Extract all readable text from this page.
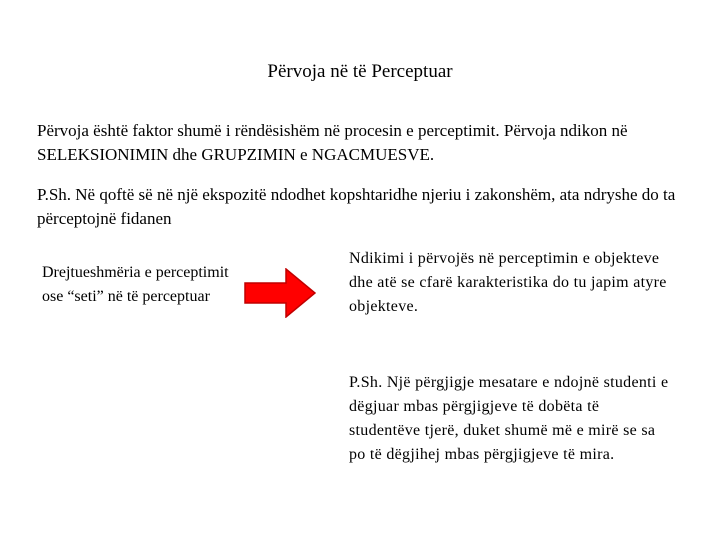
Përvoja në të Perceptuar

Përvoja është faktor shumë i rëndësishëm në procesin e perceptimit. Përvoja ndikon në SELEKSIONIMIN dhe GRUPZIMIN e NGACMUESVE.

P.Sh. Në qoftë së në një ekspozitë ndodhet kopshtaridhe njeriu i zakonshëm, ata ndryshe do ta përceptojnë fidanen

Drejtueshmëria e perceptimit ose “seti” në të perceptuar

Ndikimi i përvojës në perceptimin e objekteve dhe atë se cfarë karakteristika do tu japim atyre objekteve.

P.Sh. Një përgjigje mesatare e ndojnë studenti e dëgjuar mbas përgjigjeve të dobëta të studentëve tjerë, duket shumë më e mirë se sa po të dëgjihej mbas përgjigjeve të mira.
